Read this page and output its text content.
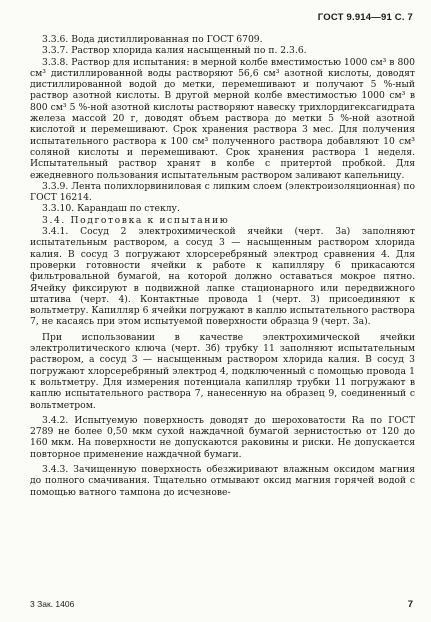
ГОСТ 9.914—91 С. 7

3.3.6. Вода дистиллированная по ГОСТ 6709.

3.3.7. Раствор хлорида калия насыщенный по п. 2.3.6.

3.3.8. Раствор для испытания: в мерной колбе вместимостью 1000 см³ в 800 см³ дистиллированной воды растворяют 56,6 см³ азотной кислоты, доводят дистиллированной водой до метки, перемешивают и получают 5 %-ный раствор азотной кислоты. В другой мерной колбе вместимостью 1000 см³ в 800 см³ 5 %-ной азотной кислоты растворяют навеску трихлордигексагидрата железа массой 20 г, доводят объем раствора до метки 5 %-ной азотной кислотой и перемешивают. Срок хранения раствора 3 мес. Для получения испытательного раствора к 100 см³ полученного раствора добавляют 10 см³ соляной кислоты и перемешивают. Срок хранения раствора 1 неделя. Испытательный раствор хранят в колбе с притертой пробкой. Для ежедневного пользования испытательным раствором заливают капельницу.

3.3.9. Лента полихлорвиниловая с липким слоем (электроизоляционная) по ГОСТ 16214.

3.3.10. Карандаш по стеклу.

3.4. Подготовка к испытанию

3.4.1. Сосуд 2 электрохимической ячейки (черт. 3а) заполняют испытательным раствором, а сосуд 3 — насыщенным раствором хлорида калия. В сосуд 3 погружают хлорсеребряный электрод сравнения 4. Для проверки готовности ячейки к работе к капилляру 6 прикасаются фильтровальной бумагой, на которой должно оставаться мокрое пятно. Ячейку фиксируют в подвижной лапке стационарного или передвижного штатива (черт. 4). Контактные провода 1 (черт. 3) присоединяют к вольтметру. Капилляр 6 ячейки погружают в каплю испытательного раствора 7, не касаясь при этом испытуемой поверхности образца 9 (черт. 3а).

При использовании в качестве электрохимической ячейки электролитического ключа (черт. 3б) трубку 11 заполняют испытательным раствором, а сосуд 3 — насыщенным раствором хлорида калия. В сосуд 3 погружают хлорсеребряный электрод 4, подключенный с помощью провода 1 к вольтметру. Для измерения потенциала капилляр трубки 11 погружают в каплю испытательного раствора 7, нанесенную на образец 9, соединенный с вольтметром.

3.4.2. Испытуемую поверхность доводят до шероховатости Ra по ГОСТ 2789 не более 0,50 мкм сухой наждачной бумагой зернистостью от 120 до 160 мкм. На поверхности не допускаются раковины и риски. Не допускается повторное применение наждачной бумаги.

3.4.3. Зачищенную поверхность обезжиривают влажным оксидом магния до полного смачивания. Тщательно отмывают оксид магния горячей водой с помощью ватного тампона до исчезнове-

3 Зак. 1406	7
